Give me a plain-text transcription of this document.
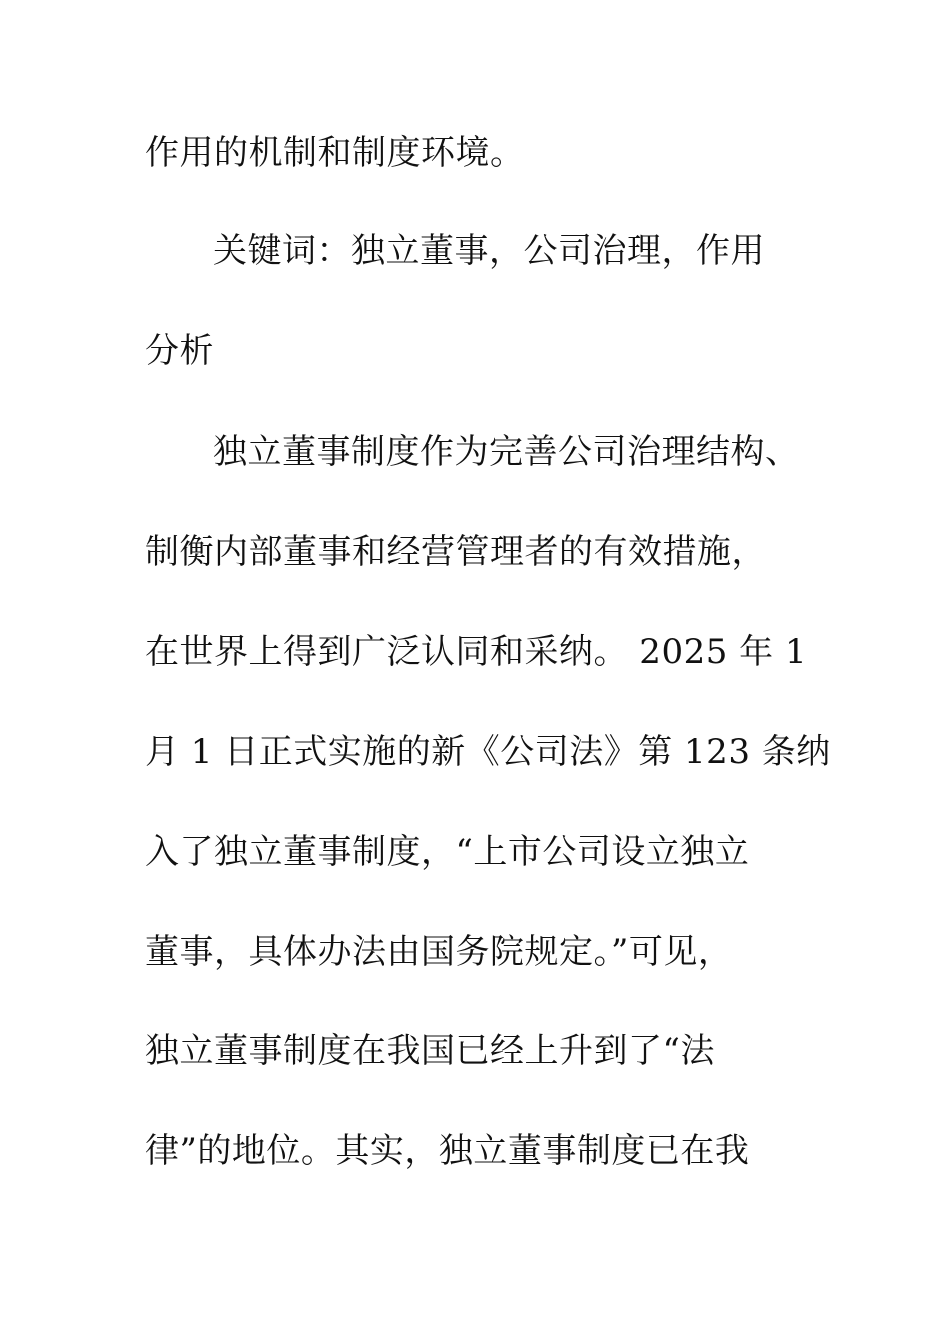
作用的机制和制度环境。
关键词：独立董事，公司治理，作用
分析
独立董事制度作为完善公司治理结构、
制衡内部董事和经营管理者的有效措施，
在世界上得到广泛认同和采纳。 2025 年 1
月 1 日正式实施的新《公司法》第 123 条纳
入了独立董事制度，“上市公司设立独立
董事，具体办法由国务院规定。”可见，
独立董事制度在我国已经上升到了“法
律”的地位。其实，独立董事制度已在我
